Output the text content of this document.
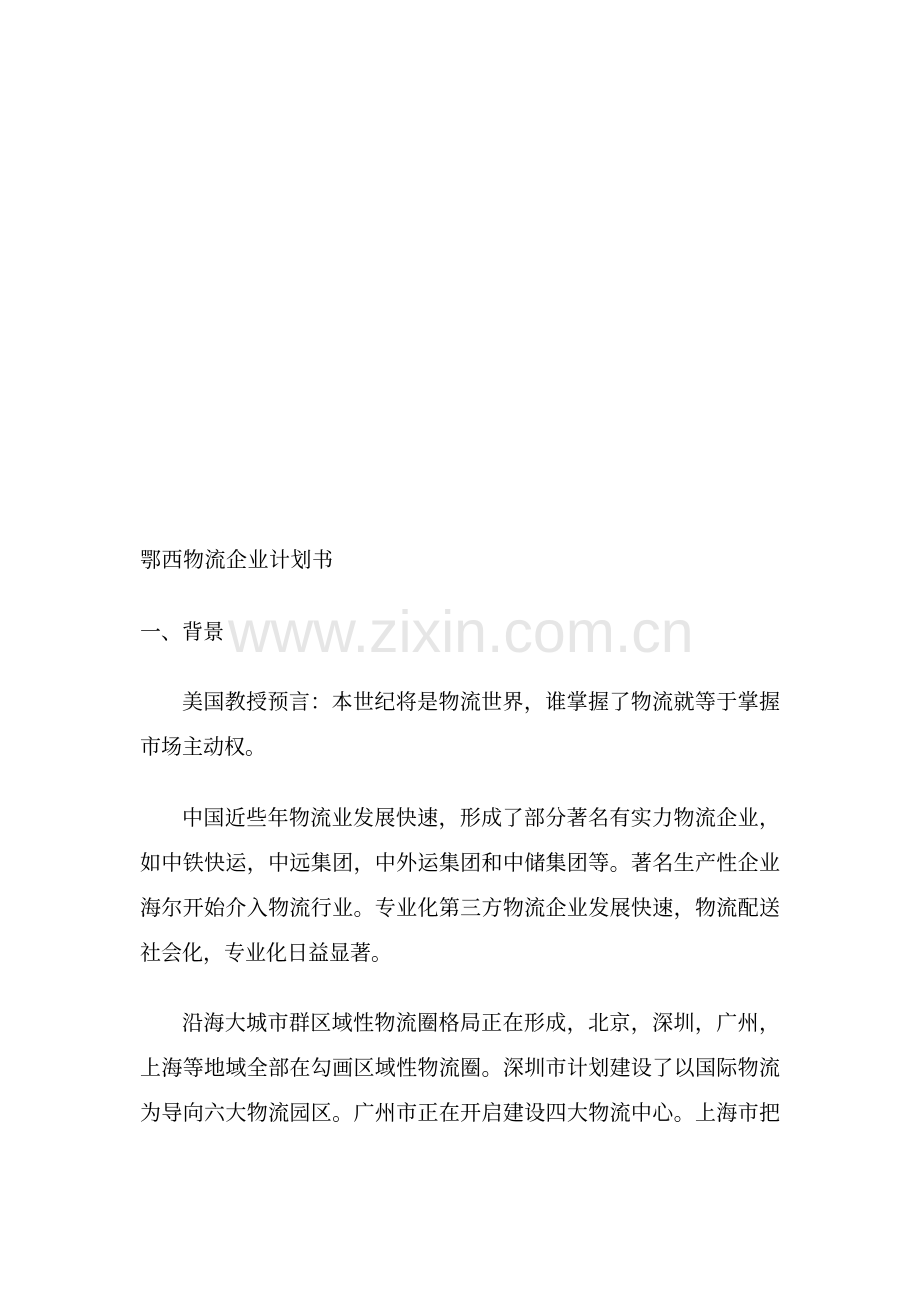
www.zixin.com.cn
鄂西物流企业计划书
一、背景

美国教授预言：本世纪将是物流世界，谁掌握了物流就等于掌握
市场主动权。

中国近些年物流业发展快速，形成了部分著名有实力物流企业，
如中铁快运，中远集团，中外运集团和中储集团等。著名生产性企业
海尔开始介入物流行业。专业化第三方物流企业发展快速，物流配送
社会化，专业化日益显著。

沿海大城市群区域性物流圈格局正在形成，北京，深圳，广州，
上海等地域全部在勾画区域性物流圈。深圳市计划建设了以国际物流
为导向六大物流园区。广州市正在开启建设四大物流中心。上海市把
